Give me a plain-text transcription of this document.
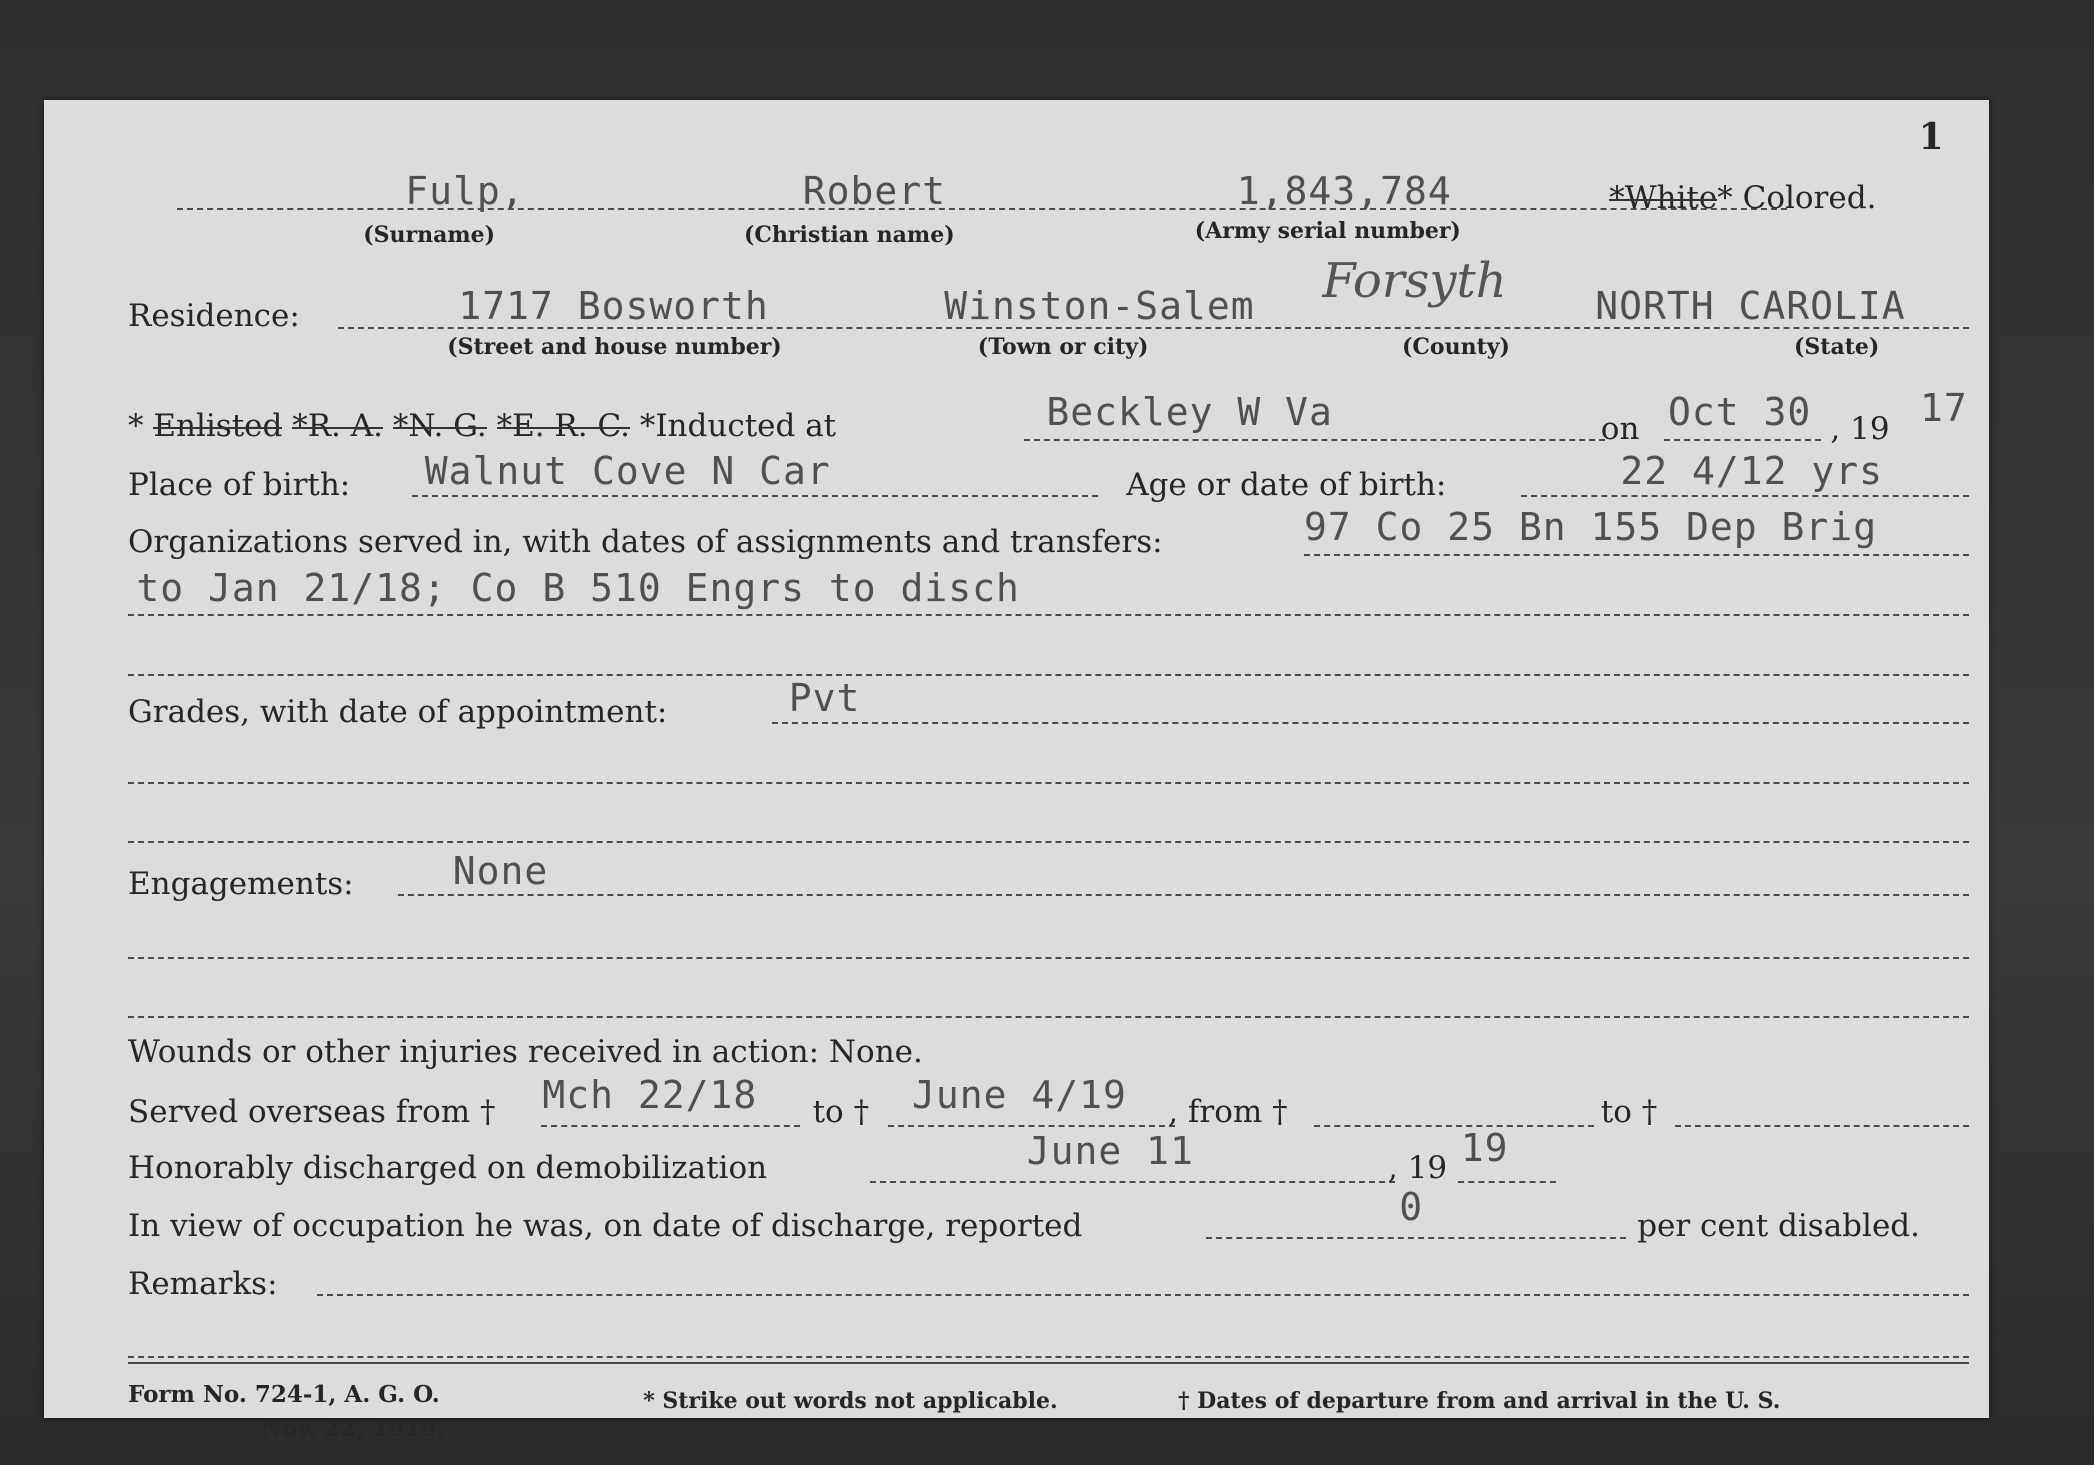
1
Fulp,	Robert	1,843,784	*White* Colored.
(Surname)	(Christian name)	(Army serial number)
Residence:	1717 Bosworth	Winston-Salem Forsyth NORTH CAROLIA
(Street and house number)	(Town or city)	(County)	(State)
* Enlisted *R. A. *N. G. *E. R. C. *Inducted at	Beckley W Va	on Oct 30 , 19 17
Place of birth: Walnut Cove N Car	Age or date of birth:	22 4/12 yrs
Organizations served in, with dates of assignments and transfers:	97 Co 25 Bn 155 Dep Brig
to Jan 21/18; Co B 510 Engrs to disch
Grades, with date of appointment:	Pvt
Engagements:	None
Wounds or other injuries received in action: None.
Served overseas from † Mch 22/18 to † June 4/19 , from †	to †
Honorably discharged on demobilization	June 11	, 19 19
In view of occupation he was, on date of discharge, reported	0	per cent disabled.
Remarks:
Form No. 724-1, A. G. O.
Nov. 22, 1919.
* Strike out words not applicable.	† Dates of departure from and arrival in the U. S.
3—7362
